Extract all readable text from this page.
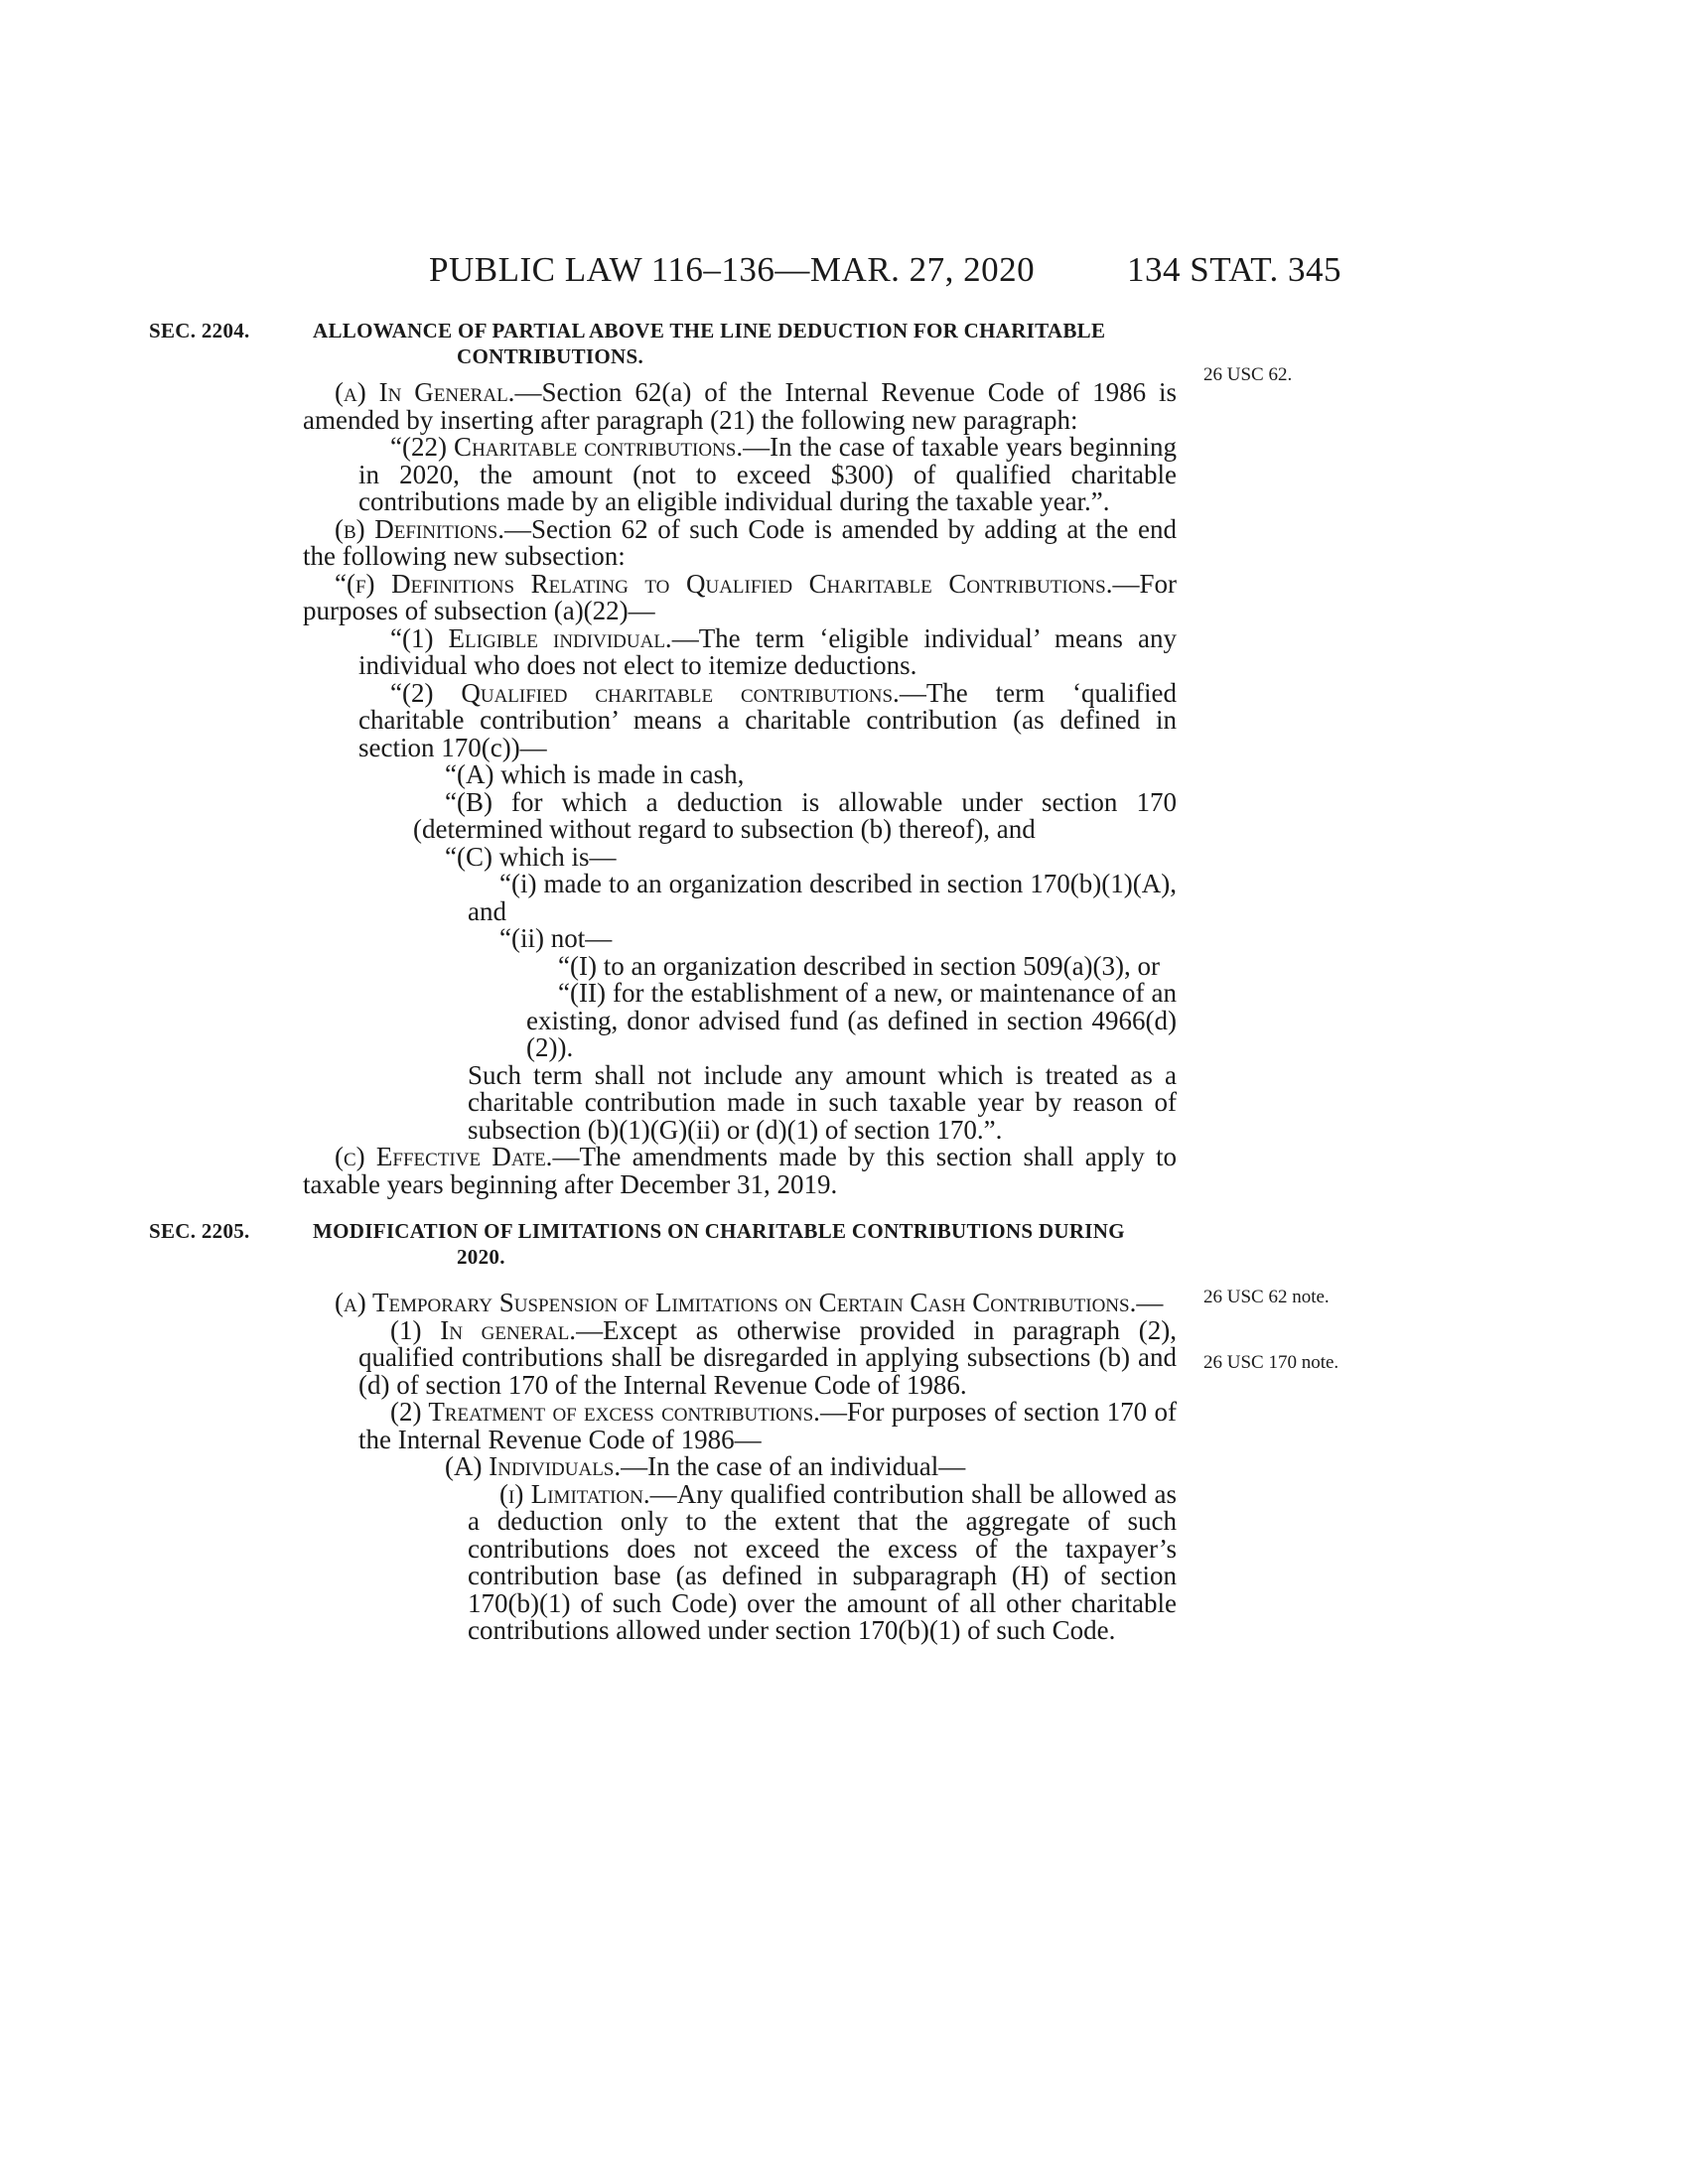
PUBLIC LAW 116–136—MAR. 27, 2020	134 STAT. 345
26 USC 62.
26 USC 62 note.
26 USC 170 note.
SEC. 2204.	ALLOWANCE OF PARTIAL ABOVE THE LINE DEDUCTION FOR CHARITABLE CONTRIBUTIONS.

(a) In General.—Section 62(a) of the Internal Revenue Code of 1986 is amended by inserting after paragraph (21) the following new paragraph:

“(22) Charitable contributions.—In the case of taxable years beginning in 2020, the amount (not to exceed $300) of qualified charitable contributions made by an eligible individual during the taxable year.”.

(b) Definitions.—Section 62 of such Code is amended by adding at the end the following new subsection:

“(f) Definitions Relating to Qualified Charitable Contributions.—For purposes of subsection (a)(22)—

“(1) Eligible individual.—The term ‘eligible individual’ means any individual who does not elect to itemize deductions.

“(2) Qualified charitable contributions.—The term ‘qualified charitable contribution’ means a charitable contribution (as defined in section 170(c))—

“(A) which is made in cash,

“(B) for which a deduction is allowable under section 170 (determined without regard to subsection (b) thereof), and

“(C) which is—

“(i) made to an organization described in section 170(b)(1)(A), and

“(ii) not—

“(I) to an organization described in section 509(a)(3), or

“(II) for the establishment of a new, or maintenance of an existing, donor advised fund (as defined in section 4966(d)(2)).

Such term shall not include any amount which is treated as a charitable contribution made in such taxable year by reason of subsection (b)(1)(G)(ii) or (d)(1) of section 170.”.

(c) Effective Date.—The amendments made by this section shall apply to taxable years beginning after December 31, 2019.

SEC. 2205.	MODIFICATION OF LIMITATIONS ON CHARITABLE CONTRIBUTIONS DURING 2020.

(a) Temporary Suspension of Limitations on Certain Cash Contributions.—

(1) In general.—Except as otherwise provided in paragraph (2), qualified contributions shall be disregarded in applying subsections (b) and (d) of section 170 of the Internal Revenue Code of 1986.

(2) Treatment of excess contributions.—For purposes of section 170 of the Internal Revenue Code of 1986—

(A) Individuals.—In the case of an individual—

(i) Limitation.—Any qualified contribution shall be allowed as a deduction only to the extent that the aggregate of such contributions does not exceed the excess of the taxpayer’s contribution base (as defined in subparagraph (H) of section 170(b)(1) of such Code) over the amount of all other charitable contributions allowed under section 170(b)(1) of such Code.
